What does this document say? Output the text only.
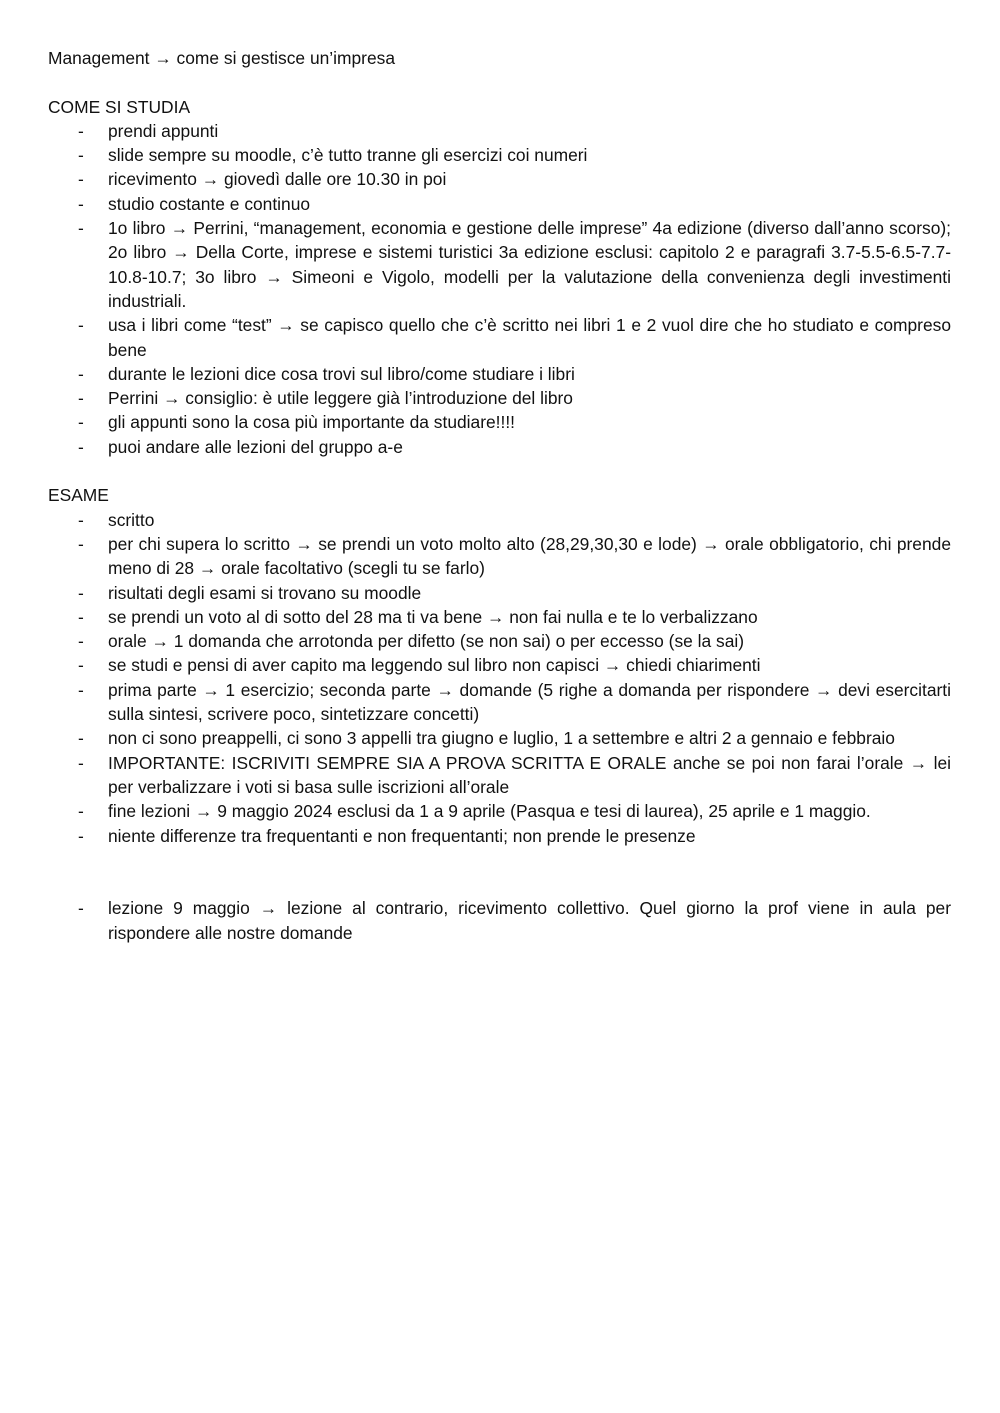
Management → come si gestisce un’impresa

COME SI STUDIA

- prendi appunti
- slide sempre su moodle, c’è tutto tranne gli esercizi coi numeri
- ricevimento → giovedì dalle ore 10.30 in poi
- studio costante e continuo
- 1o libro → Perrini, “management, economia e gestione delle imprese” 4a edizione (diverso dall’anno scorso); 2o libro → Della Corte, imprese e sistemi turistici 3a edizione esclusi: capitolo 2 e paragrafi 3.7-5.5-6.5-7.7-10.8-10.7; 3o libro → Simeoni e Vigolo, modelli per la valutazione della convenienza degli investimenti industriali.
- usa i libri come “test” → se capisco quello che c’è scritto nei libri 1 e 2 vuol dire che ho studiato e compreso bene
- durante le lezioni dice cosa trovi sul libro/come studiare i libri
- Perrini → consiglio: è utile leggere già l’introduzione del libro
- gli appunti sono la cosa più importante da studiare!!!!
- puoi andare alle lezioni del gruppo a-e

ESAME

- scritto
- per chi supera lo scritto → se prendi un voto molto alto (28,29,30,30 e lode) → orale obbligatorio, chi prende meno di 28 → orale facoltativo (scegli tu se farlo)
- risultati degli esami si trovano su moodle
- se prendi un voto al di sotto del 28 ma ti va bene → non fai nulla e te lo verbalizzano
- orale → 1 domanda che arrotonda per difetto (se non sai) o per eccesso (se la sai)
- se studi e pensi di aver capito ma leggendo sul libro non capisci → chiedi chiarimenti
- prima parte → 1 esercizio; seconda parte → domande (5 righe a domanda per rispondere → devi esercitarti sulla sintesi, scrivere poco, sintetizzare concetti)
- non ci sono preappelli, ci sono 3 appelli tra giugno e luglio, 1 a settembre e altri 2 a gennaio e febbraio
- IMPORTANTE: ISCRIVITI SEMPRE SIA A PROVA SCRITTA E ORALE anche se poi non farai l’orale → lei per verbalizzare i voti si basa sulle iscrizioni all’orale
- fine lezioni → 9 maggio 2024 esclusi da 1 a 9 aprile (Pasqua e tesi di laurea), 25 aprile e 1 maggio.
- niente differenze tra frequentanti e non frequentanti; non prende le presenze
- lezione 9 maggio → lezione al contrario, ricevimento collettivo. Quel giorno la prof viene in aula per rispondere alle nostre domande
